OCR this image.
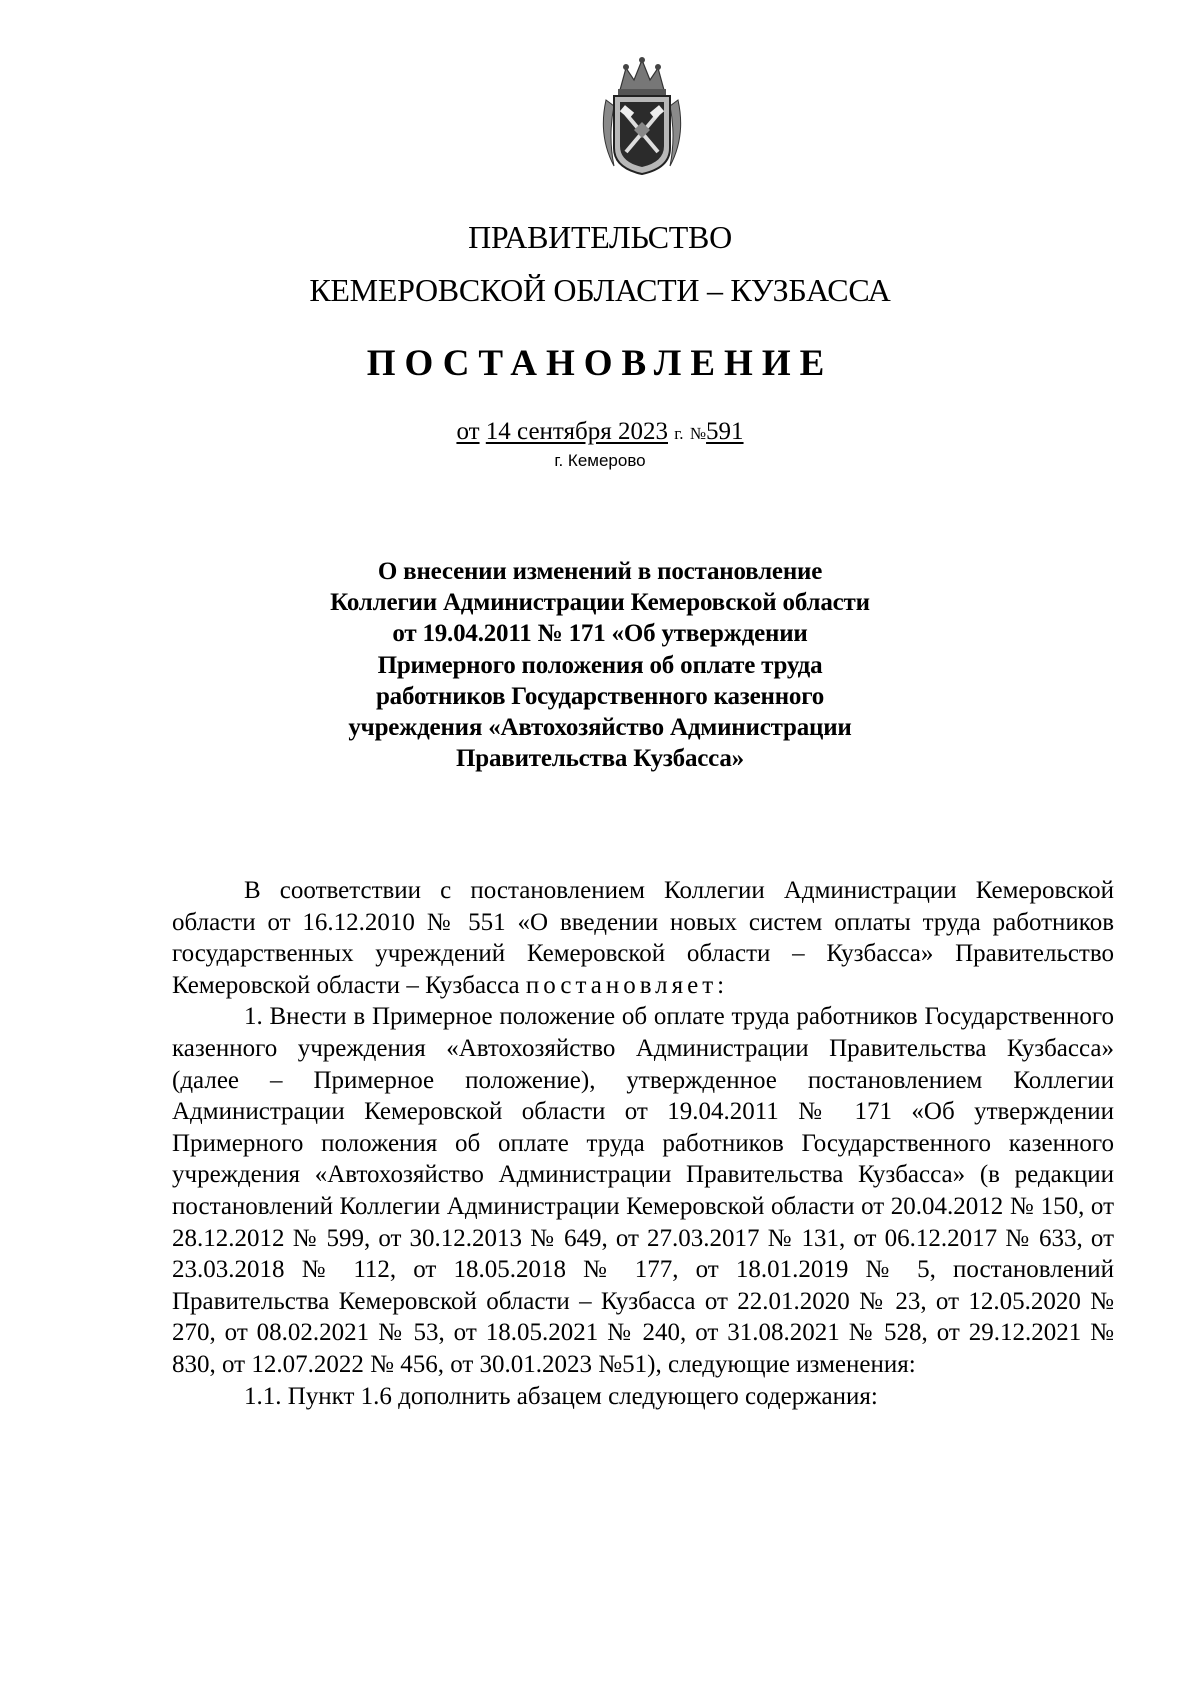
ПРАВИТЕЛЬСТВО
КЕМЕРОВСКОЙ ОБЛАСТИ – КУЗБАССА
ПОСТАНОВЛЕНИЕ
от 14 сентября 2023 г. №591
г. Кемерово
О внесении изменений в постановление
Коллегии Администрации Кемеровской области
от 19.04.2011 № 171 «Об утверждении
Примерного положения об оплате труда
работников Государственного казенного
учреждения «Автохозяйство Администрации
Правительства Кузбасса»

В соответствии с постановлением Коллегии Администрации Кемеровской области от 16.12.2010 № 551 «О введении новых систем оплаты труда работников государственных учреждений Кемеровской области – Кузбасса» Правительство Кемеровской области – Кузбасса постановляет:

1. Внести в Примерное положение об оплате труда работников Государственного казенного учреждения «Автохозяйство Администрации Правительства Кузбасса» (далее – Примерное положение), утвержденное постановлением Коллегии Администрации Кемеровской области от 19.04.2011 № 171 «Об утверждении Примерного положения об оплате труда работников Государственного казенного учреждения «Автохозяйство Администрации Правительства Кузбасса» (в редакции постановлений Коллегии Администрации Кемеровской области от 20.04.2012 № 150, от 28.12.2012 № 599, от 30.12.2013 № 649, от 27.03.2017 № 131, от 06.12.2017 № 633, от 23.03.2018 № 112, от 18.05.2018 № 177, от 18.01.2019 № 5, постановлений Правительства Кемеровской области – Кузбасса от 22.01.2020 № 23, от 12.05.2020 № 270, от 08.02.2021 № 53, от 18.05.2021 № 240, от 31.08.2021 № 528, от 29.12.2021 № 830, от 12.07.2022 № 456, от 30.01.2023 №51), следующие изменения:

1.1. Пункт 1.6 дополнить абзацем следующего содержания:
